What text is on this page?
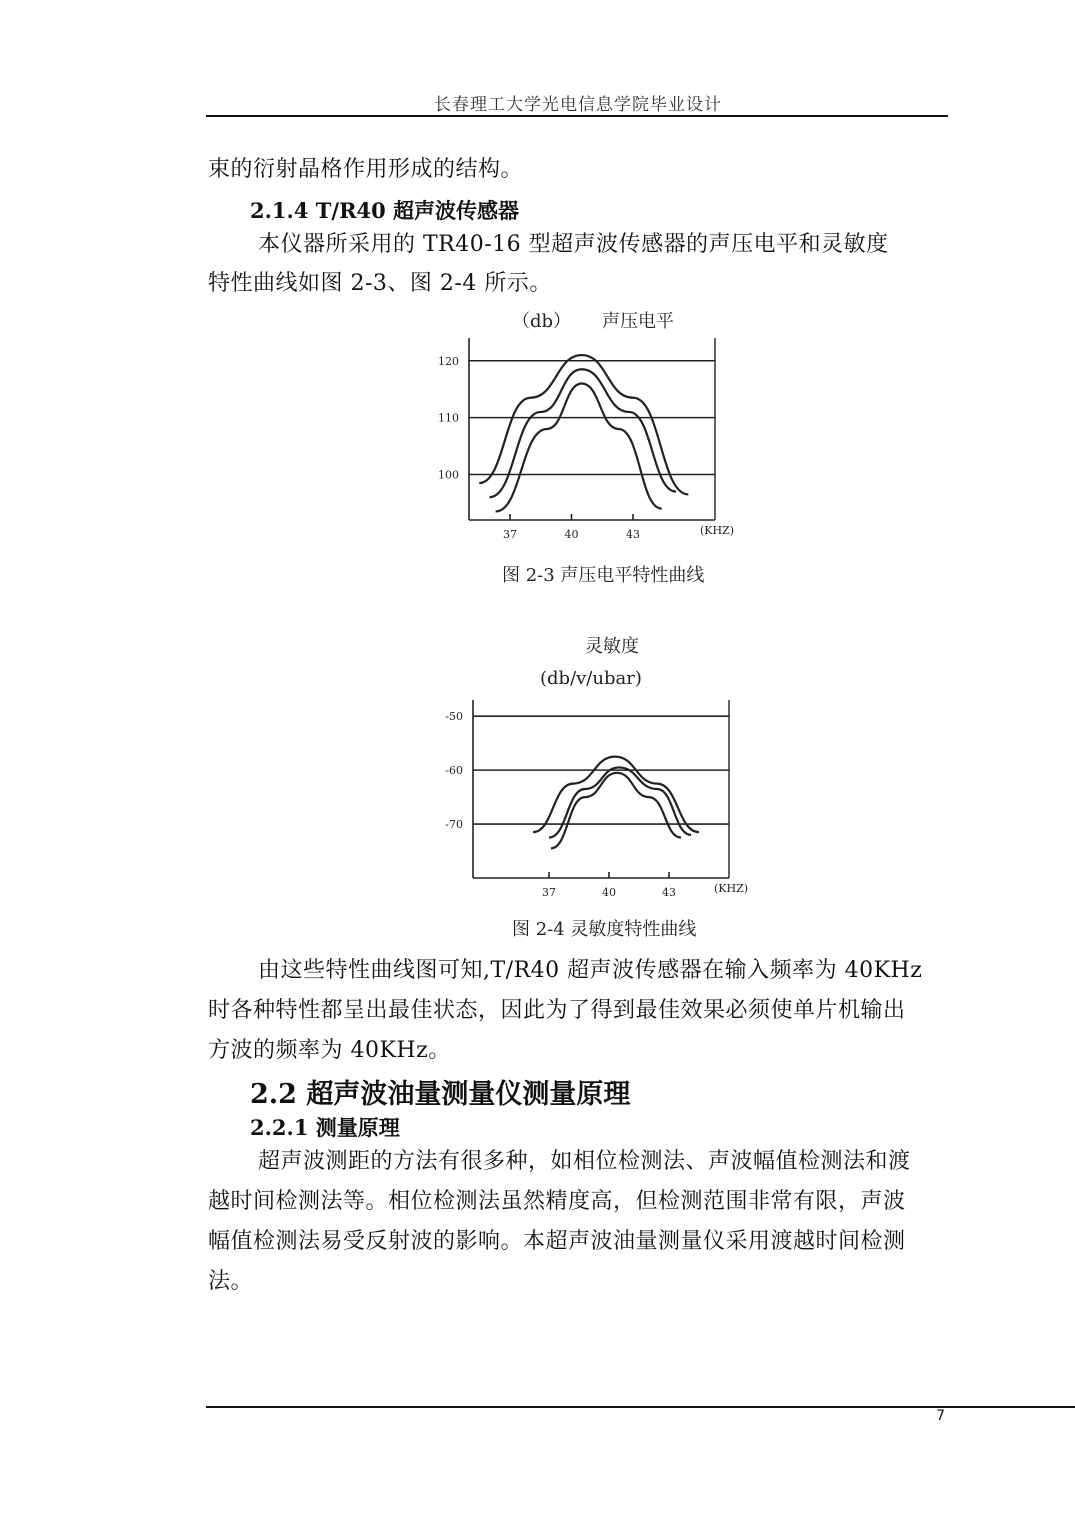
长春理工大学光电信息学院毕业设计
束的衍射晶格作用形成的结构。
2.1.4 T/R40 超声波传感器
本仪器所采用的 TR40-16 型超声波传感器的声压电平和灵敏度
特性曲线如图 2-3、图 2-4 所示。
（db） 声压电平
120
110
100
37	40	43	(KHZ)
图 2-3 声压电平特性曲线
灵敏度
(db/v/ubar)
-50
-60
-70
37	40	43	(KHZ)
图 2-4 灵敏度特性曲线
由这些特性曲线图可知,T/R40 超声波传感器在输入频率为 40KHz
时各种特性都呈出最佳状态，因此为了得到最佳效果必须使单片机输出
方波的频率为 40KHz。
2.2 超声波油量测量仪测量原理
2.2.1 测量原理
超声波测距的方法有很多种，如相位检测法、声波幅值检测法和渡
越时间检测法等。相位检测法虽然精度高，但检测范围非常有限，声波
幅值检测法易受反射波的影响。本超声波油量测量仪采用渡越时间检测
法。
7
